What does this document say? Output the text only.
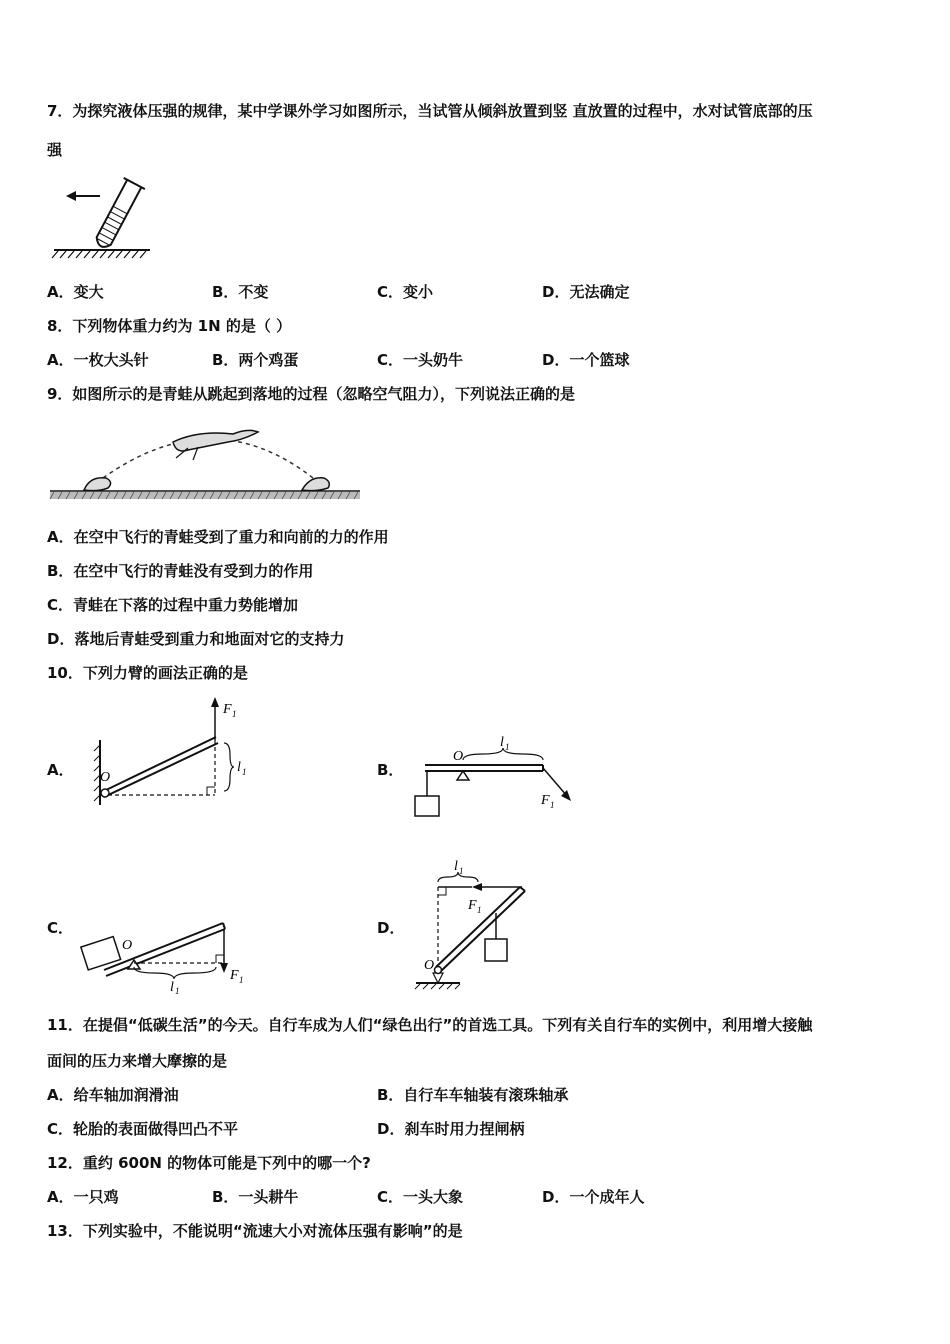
7．为探究液体压强的规律，某中学课外学习如图所示，当试管从倾斜放置到竖 直放置的过程中，水对试管底部的压
强
A．变大	B．不变	C．变小	D．无法确定
8．下列物体重力约为 1N 的是（ ）
A．一枚大头针	B．两个鸡蛋	C．一头奶牛	D．一个篮球
9．如图所示的是青蛙从跳起到落地的过程（忽略空气阻力），下列说法正确的是
A．在空中飞行的青蛙受到了重力和向前的力的作用
B．在空中飞行的青蛙没有受到力的作用
C．青蛙在下落的过程中重力势能增加
D．落地后青蛙受到重力和地面对它的支持力
10．下列力臂的画法正确的是
A． O
F 1
l 1	B．
O
l 1
F 1
C．
O
l 1
F 1
D．
O
l 1
F 1
11．在提倡“低碳生活”的今天。自行车成为人们“绿色出行”的首选工具。下列有关自行车的实例中，利用增大接触
面间的压力来增大摩擦的是
A．给车轴加润滑油	B．自行车车轴装有滚珠轴承
C．轮胎的表面做得凹凸不平	D．刹车时用力捏闸柄
12．重约 600N 的物体可能是下列中的哪一个?
A．一只鸡	B．一头耕牛	C．一头大象	D．一个成年人
13．下列实验中，不能说明“流速大小对流体压强有影响”的是
